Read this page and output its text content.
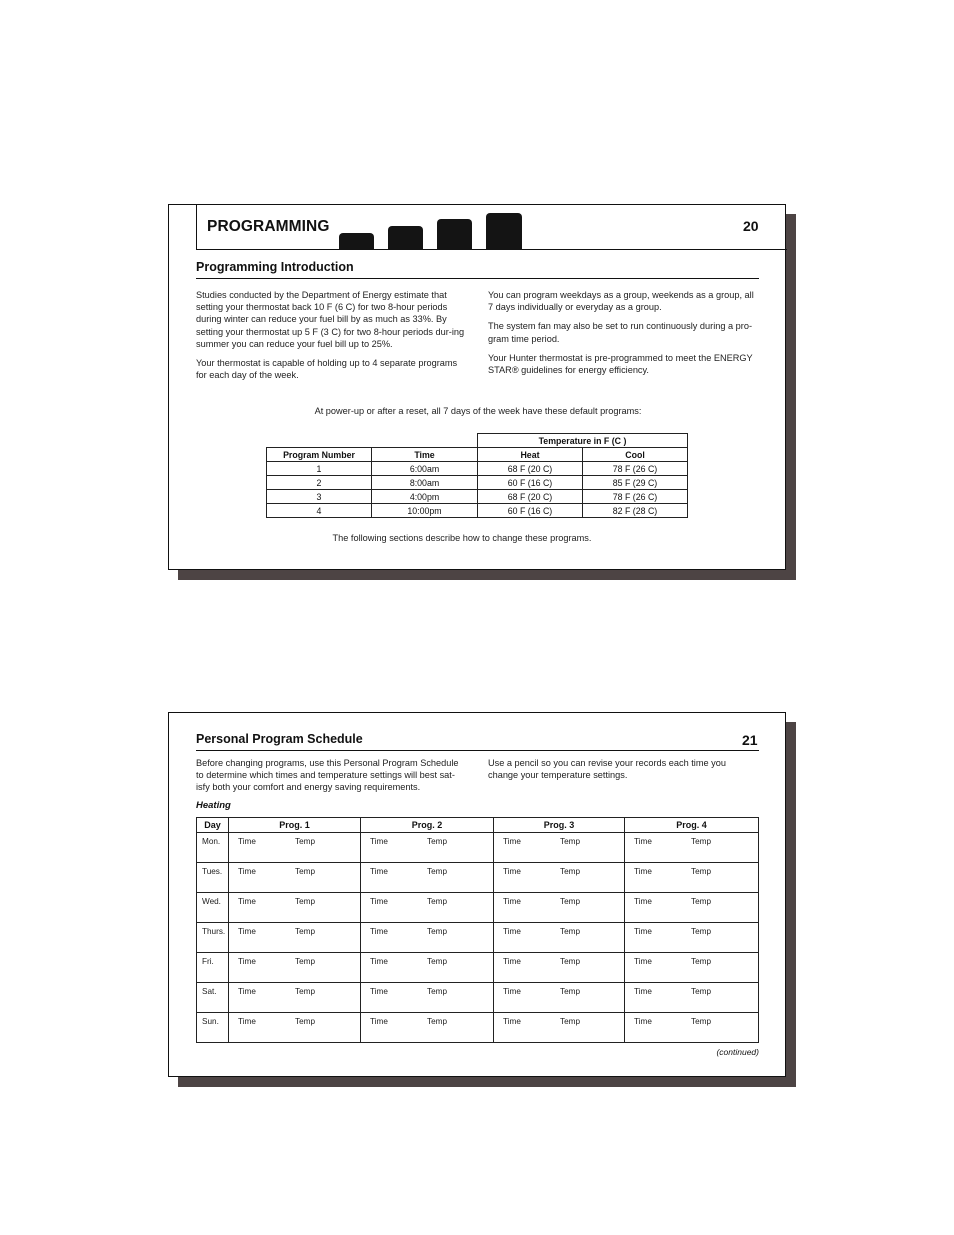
PROGRAMMING	20
Programming Introduction

Studies conducted by the Department of Energy estimate that setting your thermostat back 10 F (6 C) for two 8-hour periods during winter can reduce your fuel bill by as much as 33%. By setting your thermostat up 5 F (3 C) for two 8-hour periods dur-ing summer you can reduce your fuel bill up to 25%.

Your thermostat is capable of holding up to 4 separate programs for each day of the week.

You can program weekdays as a group, weekends as a group, all 7 days individually or everyday as a group.

The system fan may also be set to run continuously during a pro-gram time period.

Your Hunter thermostat is pre-programmed to meet the ENERGY STAR® guidelines for energy efficiency.

At power-up or after a reset, all 7 days of the week have these default programs:
		Temperature in F (C )	
Program Number	Time	Heat	Cool
1	6:00am	68 F (20 C)	78 F (26 C)
2	8:00am	60 F (16 C)	85 F (29 C)
3	4:00pm	68 F (20 C)	78 F (26 C)
4	10:00pm	60 F (16 C)	82 F (28 C)
The following sections describe how to change these programs.
Personal Program Schedule	21

Before changing programs, use this Personal Program Schedule to determine which times and temperature settings will best sat-isfy both your comfort and energy saving requirements.

Use a pencil so you can revise your records each time you change your temperature settings.

Heating
Day	Prog. 1	Prog. 2	Prog. 3	Prog. 4
Mon.	Time Temp	Time Temp	Time Temp	Time Temp

Tues.	Time Temp	Time Temp	Time Temp	Time Temp

Wed.	Time Temp	Time Temp	Time Temp	Time Temp

Thurs.	Time Temp	Time Temp	Time Temp	Time Temp

Fri.	Time Temp	Time Temp	Time Temp	Time Temp

Sat.	Time Temp	Time Temp	Time Temp	Time Temp

Sun.	Time Temp	Time Temp	Time Temp	Time Temp
(continued)
